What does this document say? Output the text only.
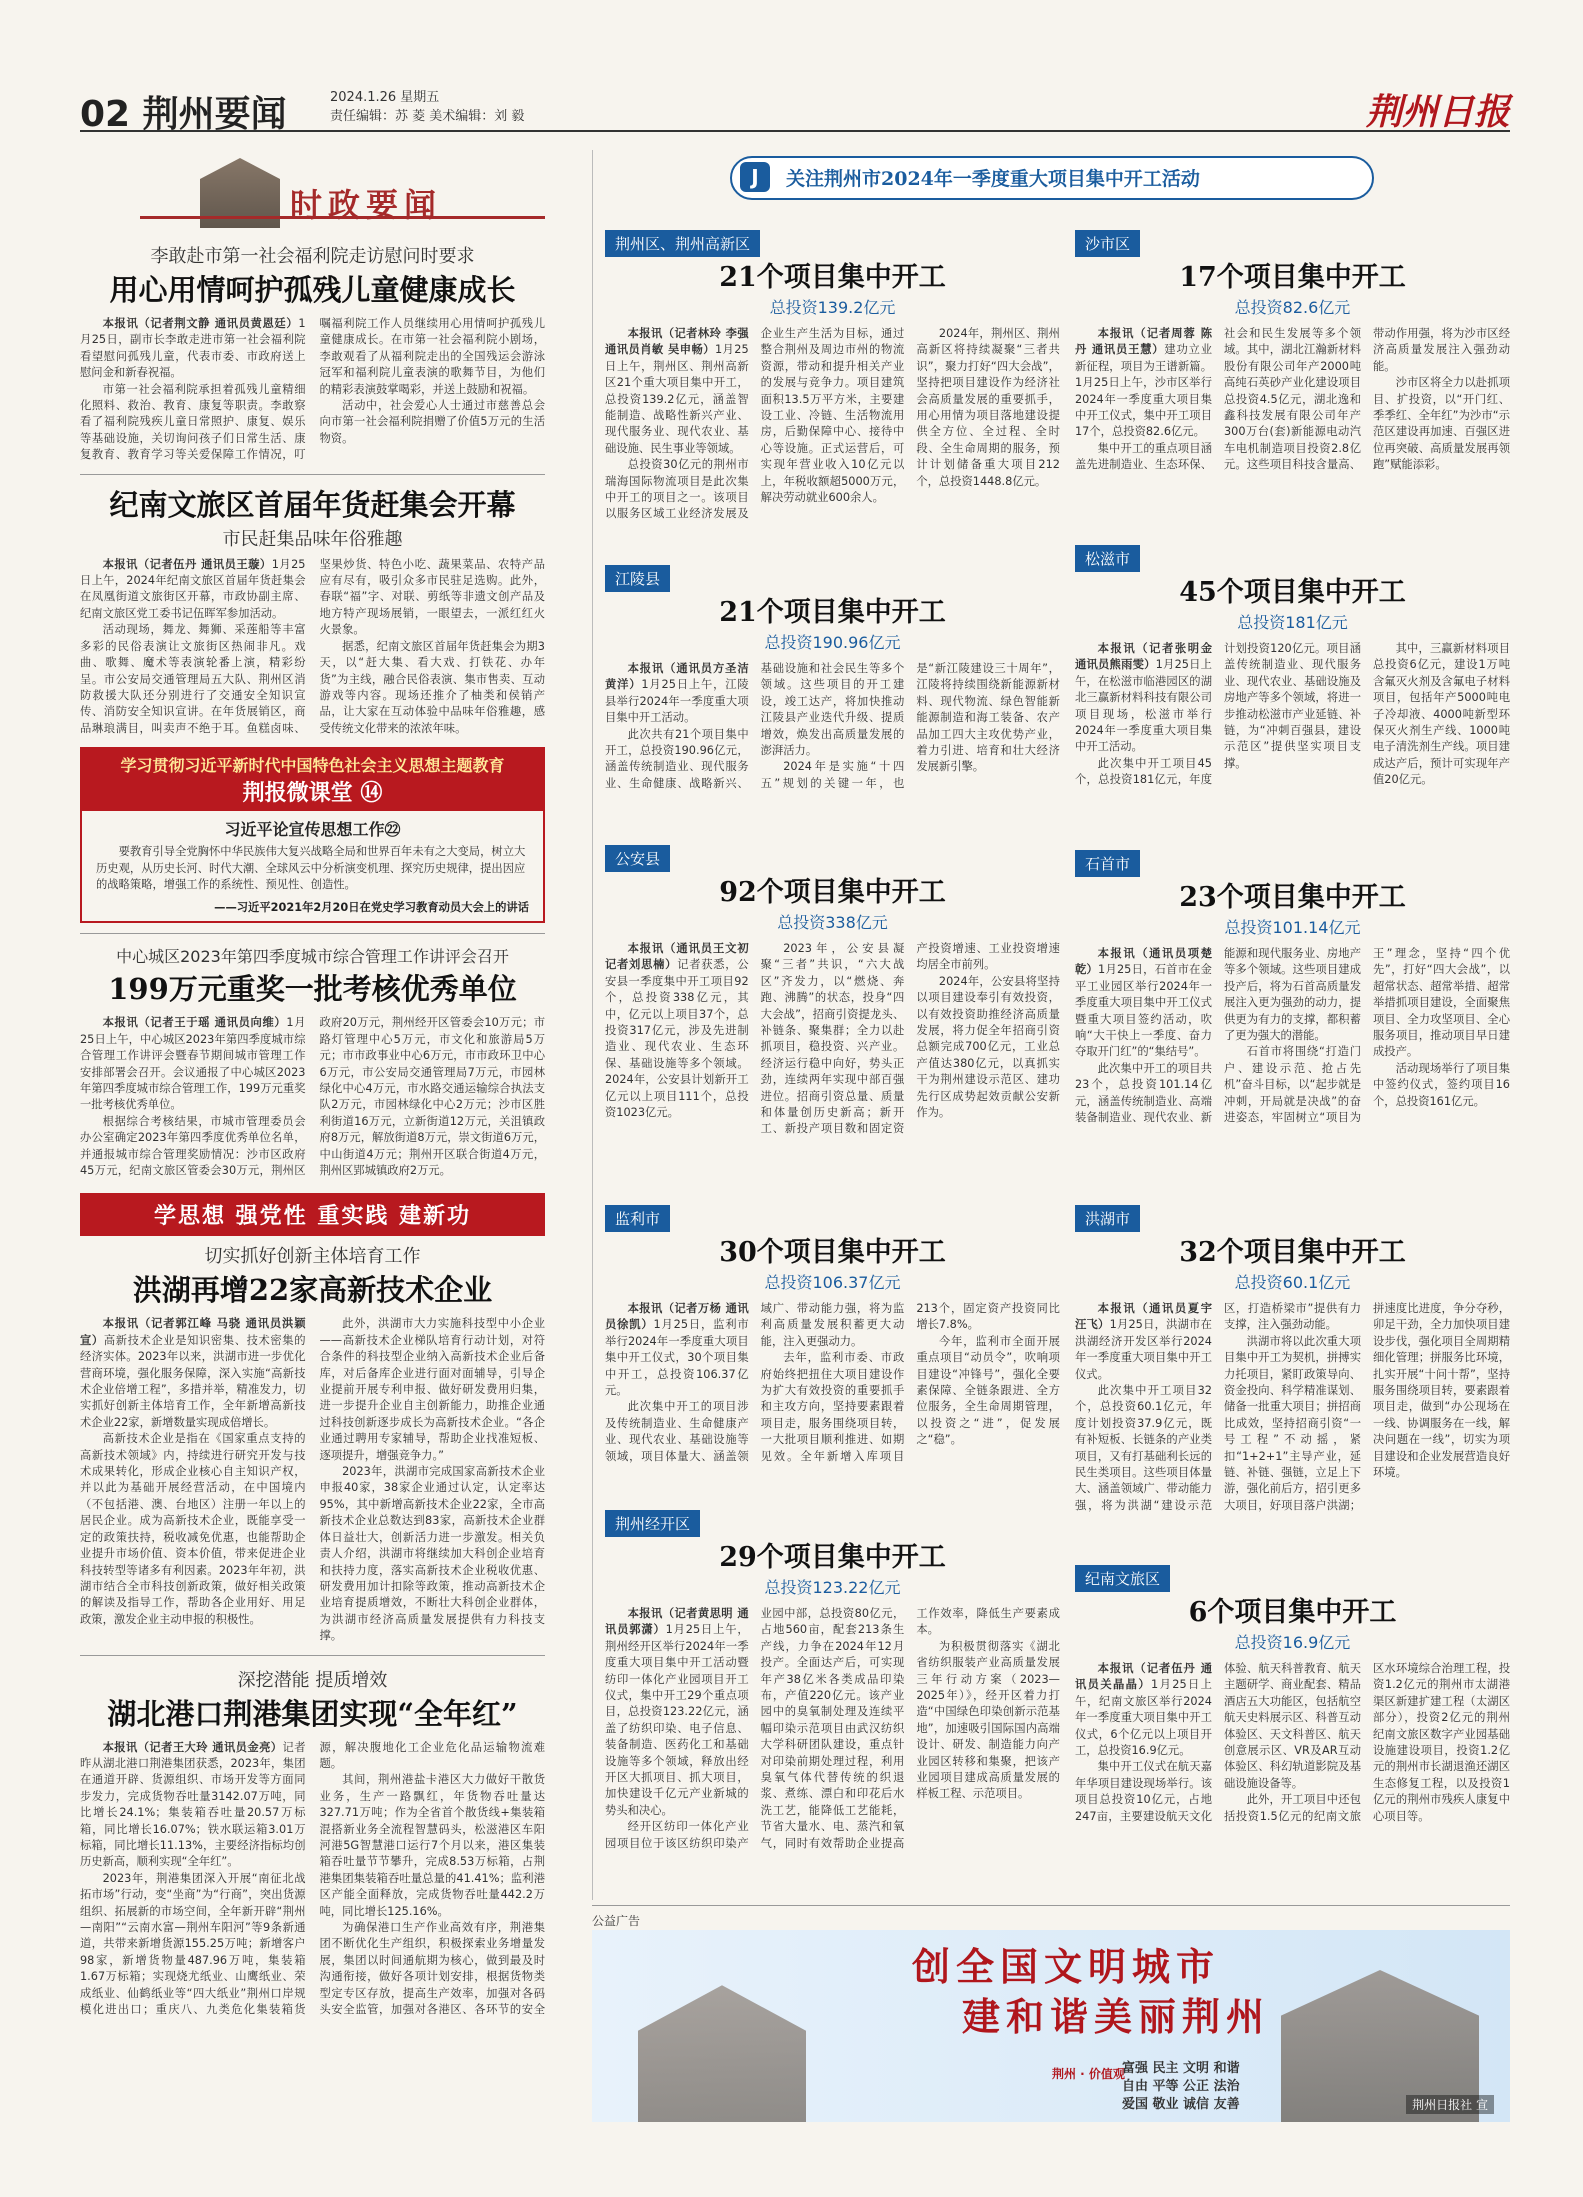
02 荆州要闻	2024.1.26 星期五
责任编辑：苏 菱 美术编辑：刘 毅	荆州日报
时政要闻
李敢赴市第一社会福利院走访慰问时要求
用心用情呵护孤残儿童健康成长

本报讯（记者荆文静 通讯员黄恩廷）1月25日，副市长李敢走进市第一社会福利院看望慰问孤残儿童，代表市委、市政府送上慰问金和新春祝福。

市第一社会福利院承担着孤残儿童精细化照料、救治、教育、康复等职责。李敢察看了福利院残疾儿童日常照护、康复、娱乐等基础设施，关切询问孩子们日常生活、康复教育、教育学习等关爱保障工作情况，叮嘱福利院工作人员继续用心用情呵护孤残儿童健康成长。在市第一社会福利院小剧场，李敢观看了从福利院走出的全国残运会游泳冠军和福利院儿童表演的歌舞节目，为他们的精彩表演鼓掌喝彩，并送上鼓励和祝福。

活动中，社会爱心人士通过市慈善总会向市第一社会福利院捐赠了价值5万元的生活物资。

纪南文旅区首届年货赶集会开幕
市民赶集品味年俗雅趣

本报讯（记者伍丹 通讯员王璇）1月25日上午，2024年纪南文旅区首届年货赶集会在凤凰街道文旅街区开幕，市政协副主席、纪南文旅区党工委书记伍晖军参加活动。

活动现场，舞龙、舞狮、采莲船等丰富多彩的民俗表演让文旅街区热闹非凡。戏曲、歌舞、魔术等表演轮番上演，精彩纷呈。市公安局交通管理局五大队、荆州区消防救援大队还分别进行了交通安全知识宣传、消防安全知识宣讲。在年货展销区，商品琳琅满目，叫卖声不绝于耳。鱼糕卤味、坚果炒货、特色小吃、蔬果菜品、农特产品应有尽有，吸引众多市民驻足选购。此外，春联“福”字、对联、剪纸等非遗文创产品及地方特产现场展销，一眼望去，一派红红火火景象。

据悉，纪南文旅区首届年货赶集会为期3天，以“赶大集、看大戏、打铁花、办年货”为主线，融合民俗表演、集市售卖、互动游戏等内容。现场还推介了柚类和侯销产品，让大家在互动体验中品味年俗雅趣，感受传统文化带来的浓浓年味。

学习贯彻习近平新时代中国特色社会主义思想主题教育
荆报微课堂 ⑭
习近平论宣传思想工作㉒
要教育引导全党胸怀中华民族伟大复兴战略全局和世界百年未有之大变局，树立大历史观，从历史长河、时代大潮、全球风云中分析演变机理、探究历史规律，提出因应的战略策略，增强工作的系统性、预见性、创造性。
——习近平2021年2月20日在党史学习教育动员大会上的讲话
中心城区2023年第四季度城市综合管理工作讲评会召开
199万元重奖一批考核优秀单位

本报讯（记者王于瑶 通讯员向维）1月25日上午，中心城区2023年第四季度城市综合管理工作讲评会暨春节期间城市管理工作安排部署会召开。会议通报了中心城区2023年第四季度城市综合管理工作，199万元重奖一批考核优秀单位。

根据综合考核结果，市城市管理委员会办公室确定2023年第四季度优秀单位名单，并通报城市综合管理奖励情况：沙市区政府45万元，纪南文旅区管委会30万元，荆州区政府20万元，荆州经开区管委会10万元；市路灯管理中心5万元，市文化和旅游局5万元；市市政事业中心6万元，市市政环卫中心6万元，市公安局交通管理局7万元，市园林绿化中心4万元，市水路交通运输综合执法支队2万元，市园林绿化中心2万元；沙市区胜利街道16万元，立新街道12万元，关沮镇政府8万元，解放街道8万元，崇文街道6万元，中山街道4万元；荆州开区联合街道4万元，荆州区郢城镇政府2万元。

学思想 强党性 重实践 建新功
切实抓好创新主体培育工作
洪湖再增22家高新技术企业

本报讯（记者郭江峰 马骁 通讯员洪颖宣）高新技术企业是知识密集、技术密集的经济实体。2023年以来，洪湖市进一步优化营商环境，强化服务保障，深入实施“高新技术企业倍增工程”，多措并举，精准发力，切实抓好创新主体培育工作，全年新增高新技术企业22家，新增数量实现成倍增长。

高新技术企业是指在《国家重点支持的高新技术领域》内，持续进行研究开发与技术成果转化，形成企业核心自主知识产权，并以此为基础开展经营活动，在中国境内（不包括港、澳、台地区）注册一年以上的居民企业。成为高新技术企业，既能享受一定的政策扶持，税收减免优惠，也能帮助企业提升市场价值、资本价值，带来促进企业科技转型等诸多有利因素。2023年年初，洪湖市结合全市科技创新政策，做好相关政策的解读及指导工作，帮助各企业用好、用足政策，激发企业主动申报的积极性。

此外，洪湖市大力实施科技型中小企业——高新技术企业梯队培育行动计划，对符合条件的科技型企业纳入高新技术企业后备库，对后备库企业进行面对面辅导，引导企业提前开展专利申报、做好研发费用归集，进一步提升企业自主创新能力，助推企业通过科技创新逐步成长为高新技术企业。“各企业通过聘用专家辅导，帮助企业找准短板、逐项提升，增强竞争力。”

2023年，洪湖市完成国家高新技术企业申报40家，38家企业通过认定，认定率达95%，其中新增高新技术企业22家，全市高新技术企业总数达到83家，高新技术企业群体日益壮大，创新活力进一步激发。相关负责人介绍，洪湖市将继续加大科创企业培育和扶持力度，落实高新技术企业税收优惠、研发费用加计扣除等政策，推动高新技术企业培育提质增效，不断壮大科创企业群体，为洪湖市经济高质量发展提供有力科技支撑。

深挖潜能 提质增效
湖北港口荆港集团实现“全年红”

本报讯（记者王大玲 通讯员金亮）记者昨从湖北港口荆港集团获悉，2023年，集团在通道开辟、货源组织、市场开发等方面同步发力，完成货物吞吐量3142.07万吨，同比增长24.1%；集装箱吞吐量20.57万标箱，同比增长16.07%；铁水联运箱3.01万标箱，同比增长11.13%，主要经济指标均创历史新高，顺利实现“全年红”。

2023年，荆港集团深入开展“南征北战拓市场”行动，变“坐商”为“行商”，突出货源组织、拓展新的市场空间，全年新开辟“荆州—南阳”“云南水富—荆州车阳河”等9条新通道，共带来新增货源155.25万吨；新增客户98家，新增货物量487.96万吨，集装箱1.67万标箱；实现烧尤纸业、山鹰纸业、荣成纸业、仙鹤纸业等“四大纸业”荆州口岸规模化进出口；重庆八、九类危化集装箱货源，解决腹地化工企业危化品运输物流难题。

其间，荆州港盐卡港区大力做好干散货业务，生产一路飘红，年货物吞吐量达327.71万吨；作为全省首个散货线+集装箱混搭新业务全流程智慧码头，松滋港区车阳河港5G智慧港口运行7个月以来，港区集装箱吞吐量节节攀升，完成8.53万标箱，占荆港集团集装箱吞吐量总量的41.41%；监利港区产能全面释放，完成货物吞吐量442.2万吨，同比增长125.16%。

为确保港口生产作业高效有序，荆港集团不断优化生产组织，积极探索业务增量发展，集团以时间通航期为核心，做到最及时沟通衔接，做好各项计划安排，根据货物类型定专区存放，提高生产效率，加强对各码头安全监管，加强对各港区、各环节的安全

J	关注荆州市2024年一季度重大项目集中开工活动
荆州区、荆州高新区
21个项目集中开工
总投资139.2亿元

本报讯（记者林玲 李强 通讯员肖敏 吴申畅）1月25日上午，荆州区、荆州高新区21个重大项目集中开工，总投资139.2亿元，涵盖智能制造、战略性新兴产业、现代服务业、现代农业、基础设施、民生事业等领域。

总投资30亿元的荆州市瑞海国际物流项目是此次集中开工的项目之一。该项目以服务区域工业经济发展及企业生产生活为目标，通过整合荆州及周边市州的物流资源，带动和提升相关产业的发展与竞争力。项目建筑面积13.5万平方米，主要建设工业、冷链、生活物流用房，后勤保障中心、接待中心等设施。正式运营后，可实现年营业收入10亿元以上，年税收额超5000万元，解决劳动就业600余人。

2024年，荆州区、荆州高新区将持续凝聚“三者共识”，聚力打好“四大会战”，坚持把项目建设作为经济社会高质量发展的重要抓手，用心用情为项目落地建设提供全方位、全过程、全时段、全生命周期的服务，预计计划储备重大项目212个，总投资1448.8亿元。

沙市区
17个项目集中开工
总投资82.6亿元

本报讯（记者周蓉 陈丹 通讯员王慧）建功立业新征程，项目为王谱新篇。1月25日上午，沙市区举行2024年一季度重大项目集中开工仪式，集中开工项目17个，总投资82.6亿元。

集中开工的重点项目涵盖先进制造业、生态环保、社会和民生发展等多个领域。其中，湖北江瀚新材料股份有限公司年产2000吨高纯石英砂产业化建设项目总投资4.5亿元，湖北逸和鑫科技发展有限公司年产300万台(套)新能源电动汽车电机制造项目投资2.8亿元。这些项目科技含量高、带动作用强，将为沙市区经济高质量发展注入强劲动能。

沙市区将全力以赴抓项目、扩投资，以“开门红、季季红、全年红”为沙市“示范区建设再加速、百强区进位再突破、高质量发展再领跑”赋能添彩。

江陵县
21个项目集中开工
总投资190.96亿元

本报讯（通讯员方圣洁 黄洋）1月25日上午，江陵县举行2024年一季度重大项目集中开工活动。

此次共有21个项目集中开工，总投资190.96亿元，涵盖传统制造业、现代服务业、生命健康、战略新兴、基础设施和社会民生等多个领域。这些项目的开工建设，竣工达产，将加快推动江陵县产业迭代升级、提质增效，焕发出高质量发展的澎湃活力。

2024年是实施“十四五”规划的关键一年，也是“新江陵建设三十周年”，江陵将持续围绕新能源新材料、现代物流、绿色智能新能源制造和海工装备、农产品加工四大主攻优势产业，着力引进、培育和壮大经济发展新引擎。

松滋市
45个项目集中开工
总投资181亿元

本报讯（记者张明金 通讯员熊雨雯）1月25日上午，在松滋市临港园区的湖北三赢新材料科技有限公司项目现场，松滋市举行2024年一季度重大项目集中开工活动。

此次集中开工项目45个，总投资181亿元，年度计划投资120亿元。项目涵盖传统制造业、现代服务业、现代农业、基础设施及房地产等多个领域，将进一步推动松滋市产业延链、补链，为“冲刺百强县，建设示范区”提供坚实项目支撑。

其中，三赢新材料项目总投资6亿元，建设1万吨含氟灭火剂及含氟电子材料项目，包括年产5000吨电子冷却液、4000吨新型环保灭火剂生产线、1000吨电子清洗剂生产线。项目建成达产后，预计可实现年产值20亿元。

公安县
92个项目集中开工
总投资338亿元

本报讯（通讯员王文初 记者刘思楠）记者获悉，公安县一季度集中开工项目92个，总投资338亿元，其中，亿元以上项目37个，总投资317亿元，涉及先进制造业、现代农业、生态环保、基础设施等多个领域。2024年，公安县计划新开工亿元以上项目111个，总投资1023亿元。

2023年，公安县凝聚“三者”共识，“六大战区”齐发力，以“燃烧、奔跑、沸腾”的状态，投身“四大会战”，招商引资提龙头、补链条、聚集群；全力以赴抓项目，稳投资、兴产业。经济运行稳中向好，势头正劲，连续两年实现中部百强进位。招商引资总量、质量和体量创历史新高；新开工、新投产项目数和固定资产投资增速、工业投资增速均居全市前列。

2024年，公安县将坚持以项目建设奉引有效投资，以有效投资助推经济高质量发展，将力促全年招商引资总额完成700亿元，工业总产值达380亿元，以真抓实干为荆州建设示范区、建功先行区成势起效贡献公安新作为。

石首市
23个项目集中开工
总投资101.14亿元

本报讯（通讯员项楚乾）1月25日，石首市在金平工业园区举行2024年一季度重大项目集中开工仪式暨重大项目签约活动，吹响“大干快上一季度、奋力夺取开门红”的“集结号”。

此次集中开工的项目共23个，总投资101.14亿元，涵盖传统制造业、高端装备制造业、现代农业、新能源和现代服务业、房地产等多个领域。这些项目建成投产后，将为石首高质量发展注入更为强劲的动力，提供更为有力的支撑，都积蓄了更为强大的潜能。

石首市将围绕“打造门户、建设示范、抢占先机”奋斗目标，以“起步就是冲刺，开局就是决战”的奋进姿态，牢固树立“项目为王”理念，坚持“四个优先”，打好“四大会战”，以超常状态、超常举措、超常举措抓项目建设，全面聚焦项目、全力攻坚项目、全心服务项目，推动项目早日建成投产。

活动现场举行了项目集中签约仪式，签约项目16个，总投资161亿元。

监利市
30个项目集中开工
总投资106.37亿元

本报讯（记者万杨 通讯员徐凯）1月25日，监利市举行2024年一季度重大项目集中开工仪式，30个项目集中开工，总投资106.37亿元。

此次集中开工的项目涉及传统制造业、生命健康产业、现代农业、基础设施等领域，项目体量大、涵盖领域广、带动能力强，将为监利高质量发展积蓄更大动能，注入更强动力。

去年，监利市委、市政府始终把扭住大项目建设作为扩大有效投资的重要抓手和主攻方向，坚持要素跟着项目走，服务围绕项目转，一大批项目顺利推进、如期见效。全年新增入库项目213个，固定资产投资同比增长7.8%。

今年，监利市全面开展重点项目“动员令”，吹响项目建设“冲锋号”，强化全要素保障、全链条跟进、全方位服务，全生命周期管理，以投资之“进”，促发展之“稳”。

洪湖市
32个项目集中开工
总投资60.1亿元

本报讯（通讯员夏宇 汪飞）1月25日，洪湖市在洪湖经济开发区举行2024年一季度重大项目集中开工仪式。

此次集中开工项目32个，总投资60.1亿元，年度计划投资37.9亿元，既有补短板、长链条的产业类项目，又有打基础利长远的民生类项目。这些项目体量大、涵盖领域广、带动能力强，将为洪湖“建设示范区，打造桥梁市”提供有力支撑，注入强劲动能。

洪湖市将以此次重大项目集中开工为契机，拼搏实力托项目，紧盯政策导向、资金投向、科学精准谋划、储备一批重大项目；拼招商比成效，坚持招商引资“一号工程”不动摇，紧扣“1+2+1”主导产业，延链、补链、强链，立足上下游，强化前后方，招引更多大项目，好项目落户洪湖；拼速度比进度，争分夺秒，卯足干劲，全力加快项目建设步伐，强化项目全周期精细化管理；拼服务比环境，扎实开展“十问十帮”，坚持服务围绕项目转，要素跟着项目走，做到“办公现场在一线、协调服务在一线，解决问题在一线”，切实为项目建设和企业发展营造良好环境。

荆州经开区
29个项目集中开工
总投资123.22亿元

本报讯（记者黄思明 通讯员郭潇）1月25日上午，荆州经开区举行2024年一季度重大项目集中开工活动暨纺印一体化产业园项目开工仪式，集中开工29个重点项目，总投资123.22亿元，涵盖了纺织印染、电子信息、装备制造、医药化工和基础设施等多个领域，释放出经开区大抓项目、抓大项目，加快建设千亿元产业新城的势头和决心。

经开区纺印一体化产业园项目位于该区纺织印染产业园中部，总投资80亿元，占地560亩，配套213条生产线，力争在2024年12月投产。全面达产后，可实现年产38亿米各类成品印染布，产值220亿元。该产业园中的臭氧制处理及连续平幅印染示范项目由武汉纺织大学科研团队建设，重点针对印染前期处理过程，利用臭氧气体代替传统的织退浆、煮练、漂白和印花后水洗工艺，能降低工艺能耗，节省大量水、电、蒸汽和氧气，同时有效帮助企业提高工作效率，降低生产要素成本。

为积极贯彻落实《湖北省纺织服装产业高质量发展三年行动方案（2023—2025年）》，经开区着力打造“中国绿色印染创新示范基地”，加速吸引国际国内高端设计、研发、制造能力向产业园区转移和集聚，把该产业园项目建成高质量发展的样板工程、示范项目。

纪南文旅区
6个项目集中开工
总投资16.9亿元

本报讯（记者伍丹 通讯员关晶晶）1月25日上午，纪南文旅区举行2024年一季度重大项目集中开工仪式，6个亿元以上项目开工，总投资16.9亿元。

集中开工仪式在航天嘉年华项目建设现场举行。该项目总投资10亿元，占地247亩，主要建设航天文化体验、航天科普教育、航天主题研学、商业配套、精品酒店五大功能区，包括航空航天史料展示区、科普互动体验区、天文科普区、航天创意展示区、VR及AR互动体验区、科幻轨道影院及基础设施设备等。

此外，开工项目中还包括投资1.5亿元的纪南文旅区水环境综合治理工程，投资1.2亿元的荆州市太湖港渠区新建扩建工程（太湖区部分），投资2亿元的荆州纪南文旅区数字产业园基础设施建设项目，投资1.2亿元的荆州市长湖退渔还湖区生态修复工程，以及投资1亿元的荆州市残疾人康复中心项目等。

公益广告
创全国文明城市
建和谐美丽荆州
荆州 · 价值观
富强 民主 文明 和谐
自由 平等 公正 法治
爱国 敬业 诚信 友善	荆州日报社 宣
